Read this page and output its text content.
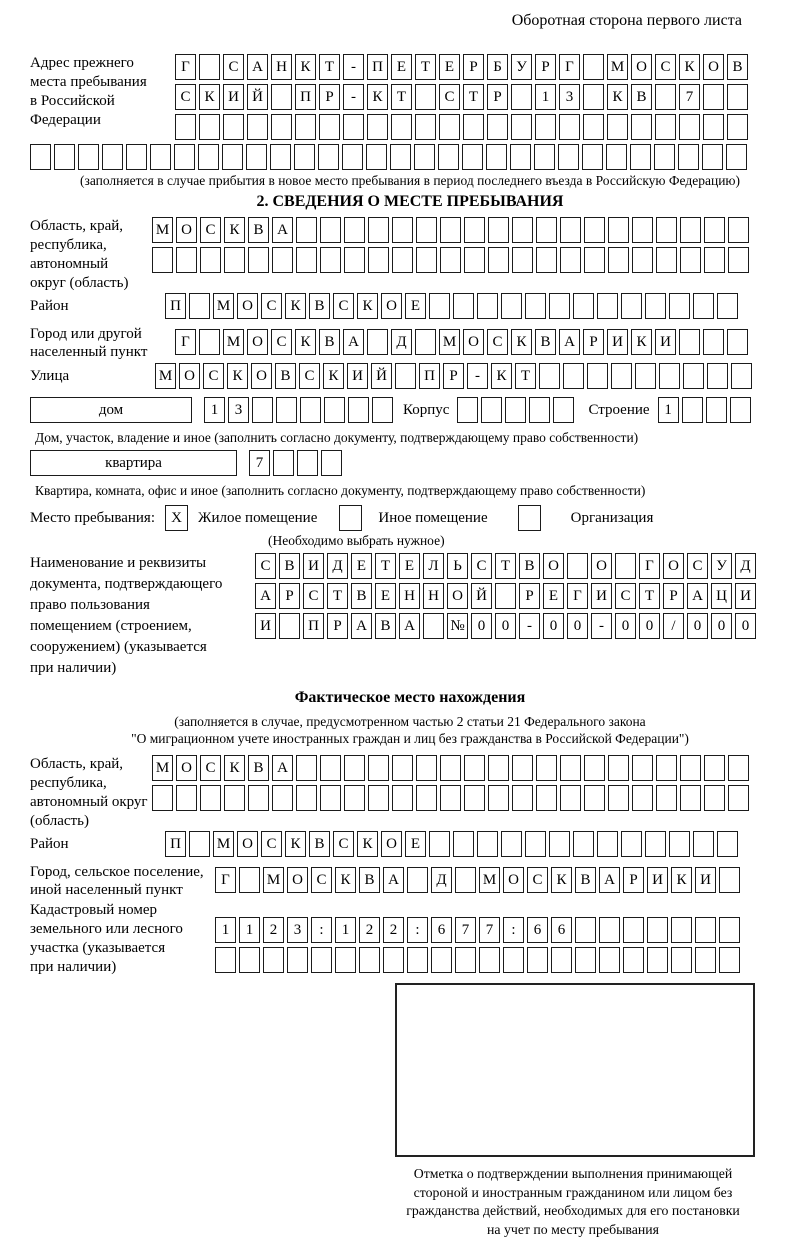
Оборотная сторона первого листа
Адрес прежнего
места пребывания
в Российской
Федерации
Г	С А Н К Т	-	П Е Т Е	Р	Б У Р	Г	М О С К О В
С К И Й	П Р	-	К Т	С Т	Р	1	3	К В	7
(заполняется в случае прибытия в новое место пребывания в период последнего въезда в Российскую Федерацию)
2. СВЕДЕНИЯ О МЕСТЕ ПРЕБЫВАНИЯ
Область, край,
республика,
автономный
округ (область)
М О С К В А
Район	П	М О С К В С К О Е
Город или другой
населенный пункт
Г	М О С К В А	Д	М О С К В А Р И К И
Улица	М О С К О В С К И Й	П Р	-	К Т
дом	1	3	Корпус	Строение 1
Дом, участок, владение и иное (заполнить согласно документу, подтверждающему право собственности)
квартира	7
Квартира, комната, офис и иное (заполнить согласно документу, подтверждающему право собственности)
Место пребывания:	X	Жилое помещение	Иное помещение	Организация
(Необходимо выбрать нужное)
Наименование и реквизиты
документа, подтверждающего
право пользования
помещением (строением,
сооружением) (указывается
при наличии)
С В И Д Е Т Е Л Ь С Т В О	О	Г О С У Д
А Р С Т В Е Н Н О Й	Р	Е	Г И С Т	Р А Ц И
И	П Р А В А	№ 0	0	-	0	0	-	0	0	/	0	0	0
Фактическое место нахождения
(заполняется в случае, предусмотренном частью 2 статьи 21 Федерального закона
"О миграционном учете иностранных граждан и лиц без гражданства в Российской Федерации")
Область, край,
республика,
автономный округ
(область)
М О С К В А
Район	П	М О С К В С К О Е
Город, сельское поселение,
иной населенный пункт
Г	М О С К В А	Д	М О С К В А Р И К И
Кадастровый номер
земельного или лесного
участка (указывается
при наличии)
1	1	2	3	:	1	2	2	:	6	7	7	:	6	6
Отметка о подтверждении выполнения принимающей
стороной и иностранным гражданином или лицом без
гражданства действий, необходимых для его постановки
на учет по месту пребывания
